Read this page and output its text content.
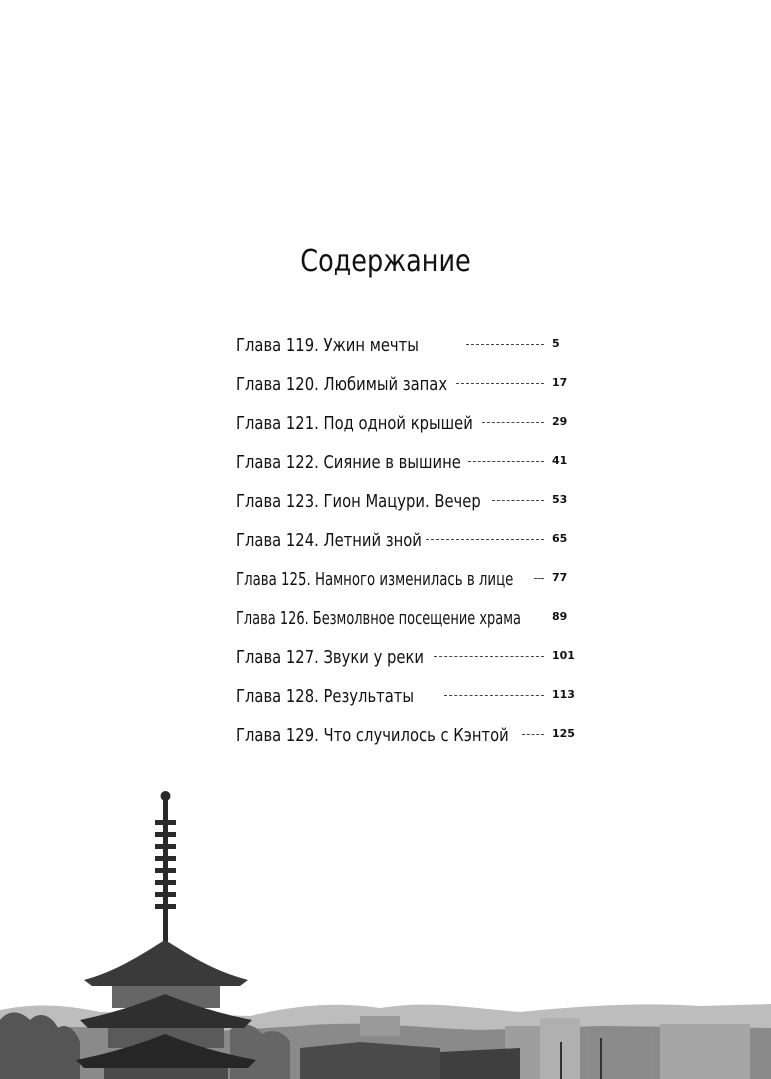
Содержание
Глава 119. Ужин мечты	5
Глава 120. Любимый запах	17
Глава 121. Под одной крышей	29
Глава 122. Сияние в вышине	41
Глава 123. Гион Мацури. Вечер	53
Глава 124. Летний зной	65
Глава 125. Намного изменилась в лице	77
Глава 126. Безмолвное посещение храма	89
Глава 127. Звуки у реки	101
Глава 128. Результаты	113
Глава 129. Что случилось с Кэнтой	125
